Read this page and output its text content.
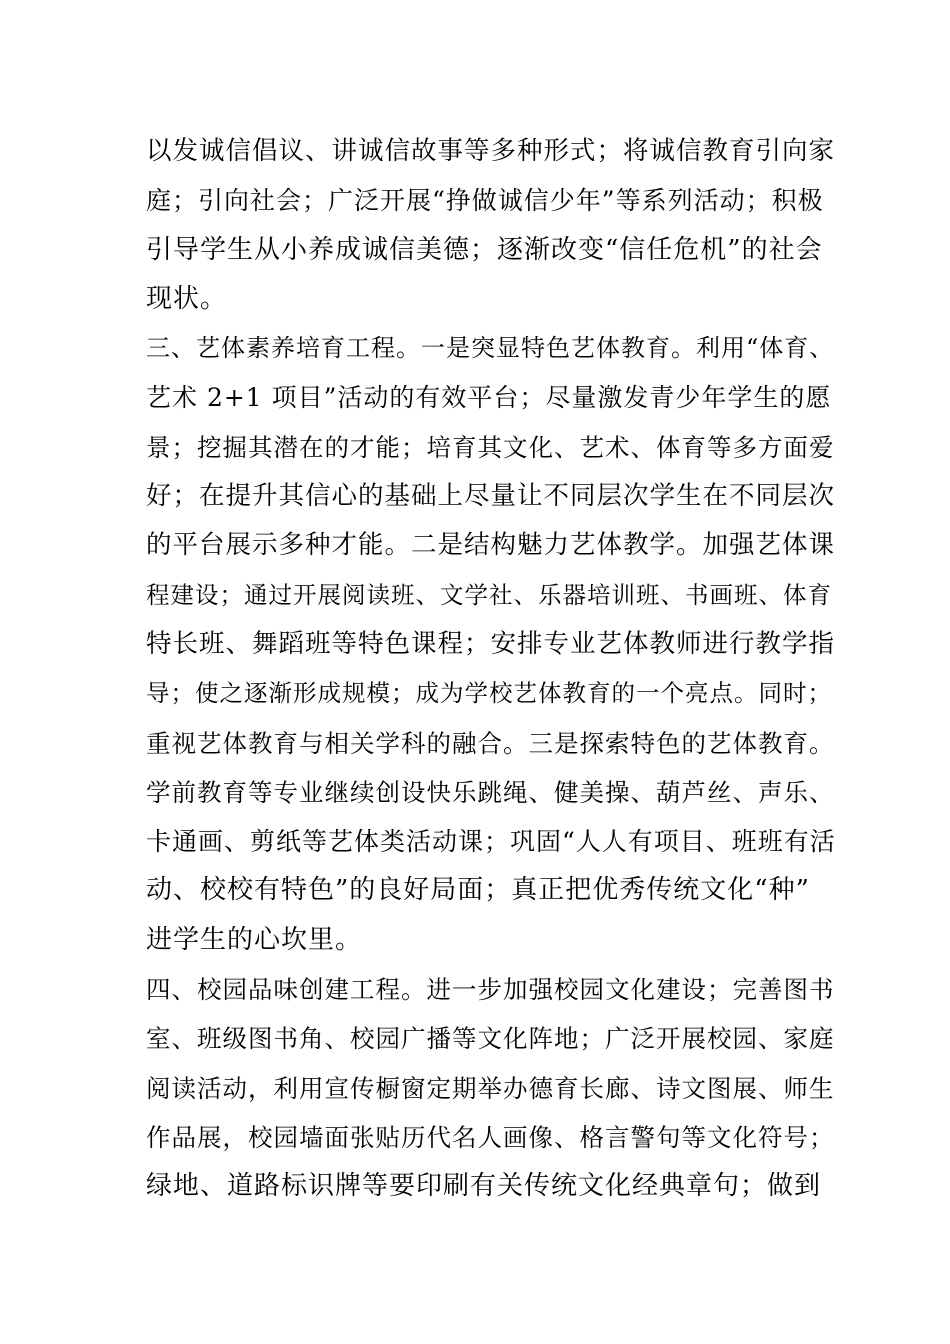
以发诚信倡议、讲诚信故事等多种形式；将诚信教育引向家
庭；引向社会；广泛开展“挣做诚信少年”等系列活动；积极
引导学生从小养成诚信美德；逐渐改变“信任危机”的社会
现状。
三、艺体素养培育工程。一是突显特色艺体教育。利用“体育、
艺术 2+1 项目”活动的有效平台；尽量激发青少年学生的愿
景；挖掘其潜在的才能；培育其文化、艺术、体育等多方面爱
好；在提升其信心的基础上尽量让不同层次学生在不同层次
的平台展示多种才能。二是结构魅力艺体教学。加强艺体课
程建设；通过开展阅读班、文学社、乐器培训班、书画班、体育
特长班、舞蹈班等特色课程；安排专业艺体教师进行教学指
导；使之逐渐形成规模；成为学校艺体教育的一个亮点。同时；
重视艺体教育与相关学科的融合。三是探索特色的艺体教育。
学前教育等专业继续创设快乐跳绳、健美操、葫芦丝、声乐、
卡通画、剪纸等艺体类活动课；巩固“人人有项目、班班有活
动、校校有特色”的良好局面；真正把优秀传统文化“种”
进学生的心坎里。
四、校园品味创建工程。进一步加强校园文化建设；完善图书
室、班级图书角、校园广播等文化阵地；广泛开展校园、家庭
阅读活动，利用宣传橱窗定期举办德育长廊、诗文图展、师生
作品展，校园墙面张贴历代名人画像、格言警句等文化符号；
绿地、道路标识牌等要印刷有关传统文化经典章句；做到
